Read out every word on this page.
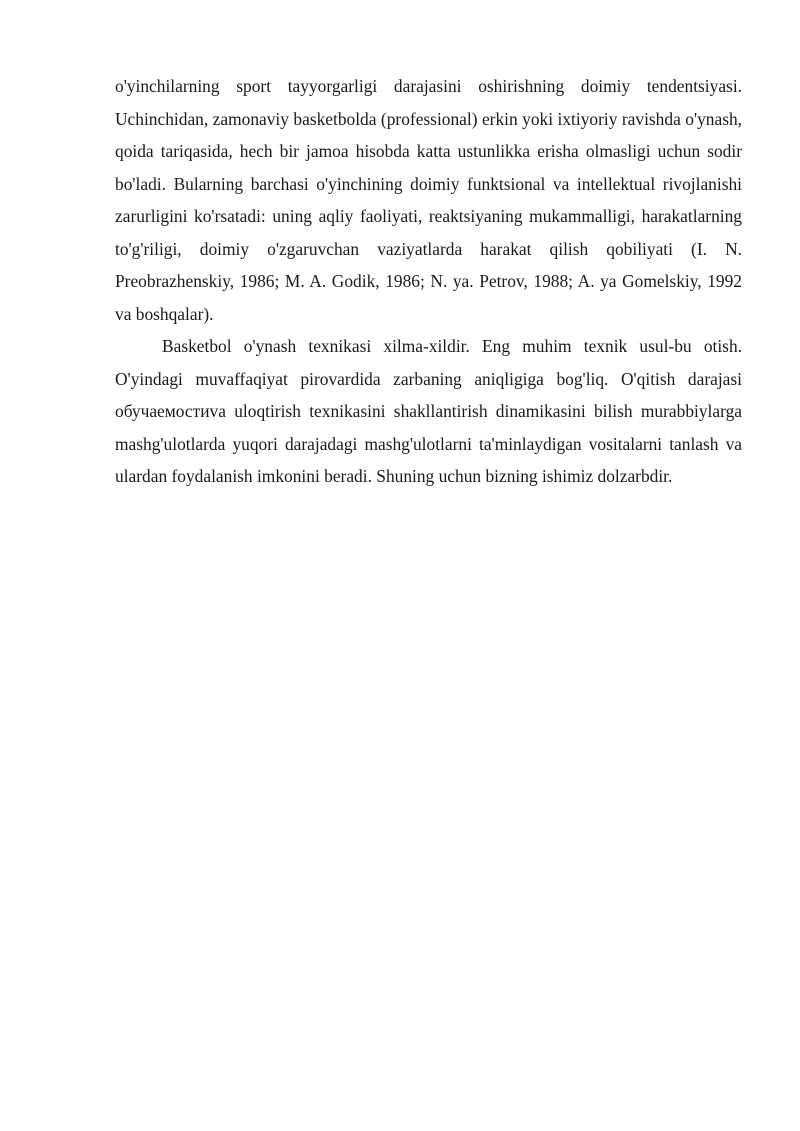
o'yinchilarning sport tayyorgarligi darajasini oshirishning doimiy tendentsiyasi. Uchinchidan, zamonaviy basketbolda (professional) erkin yoki ixtiyoriy ravishda o'ynash, qoida tariqasida, hech bir jamoa hisobda katta ustunlikka erisha olmasligi uchun sodir bo'ladi. Bularning barchasi o'yinchining doimiy funktsional va intellektual rivojlanishi zarurligini ko'rsatadi: uning aqliy faoliyati, reaktsiyaning mukammalligi, harakatlarning to'g'riligi, doimiy o'zgaruvchan vaziyatlarda harakat qilish qobiliyati (I. N. Preobrazhenskiy, 1986; M. A. Godik, 1986; N. ya. Petrov, 1988; A. ya Gomelskiy, 1992 va boshqalar).

Basketbol o'ynash texnikasi xilma-xildir. Eng muhim texnik usul-bu otish. O'yindagi muvaffaqiyat pirovardida zarbaning aniqligiga bog'liq. O'qitish darajasi обучаемостиva uloqtirish texnikasini shakllantirish dinamikasini bilish murabbiylarga mashg'ulotlarda yuqori darajadagi mashg'ulotlarni ta'minlaydigan vositalarni tanlash va ulardan foydalanish imkonini beradi. Shuning uchun bizning ishimiz dolzarbdir.
